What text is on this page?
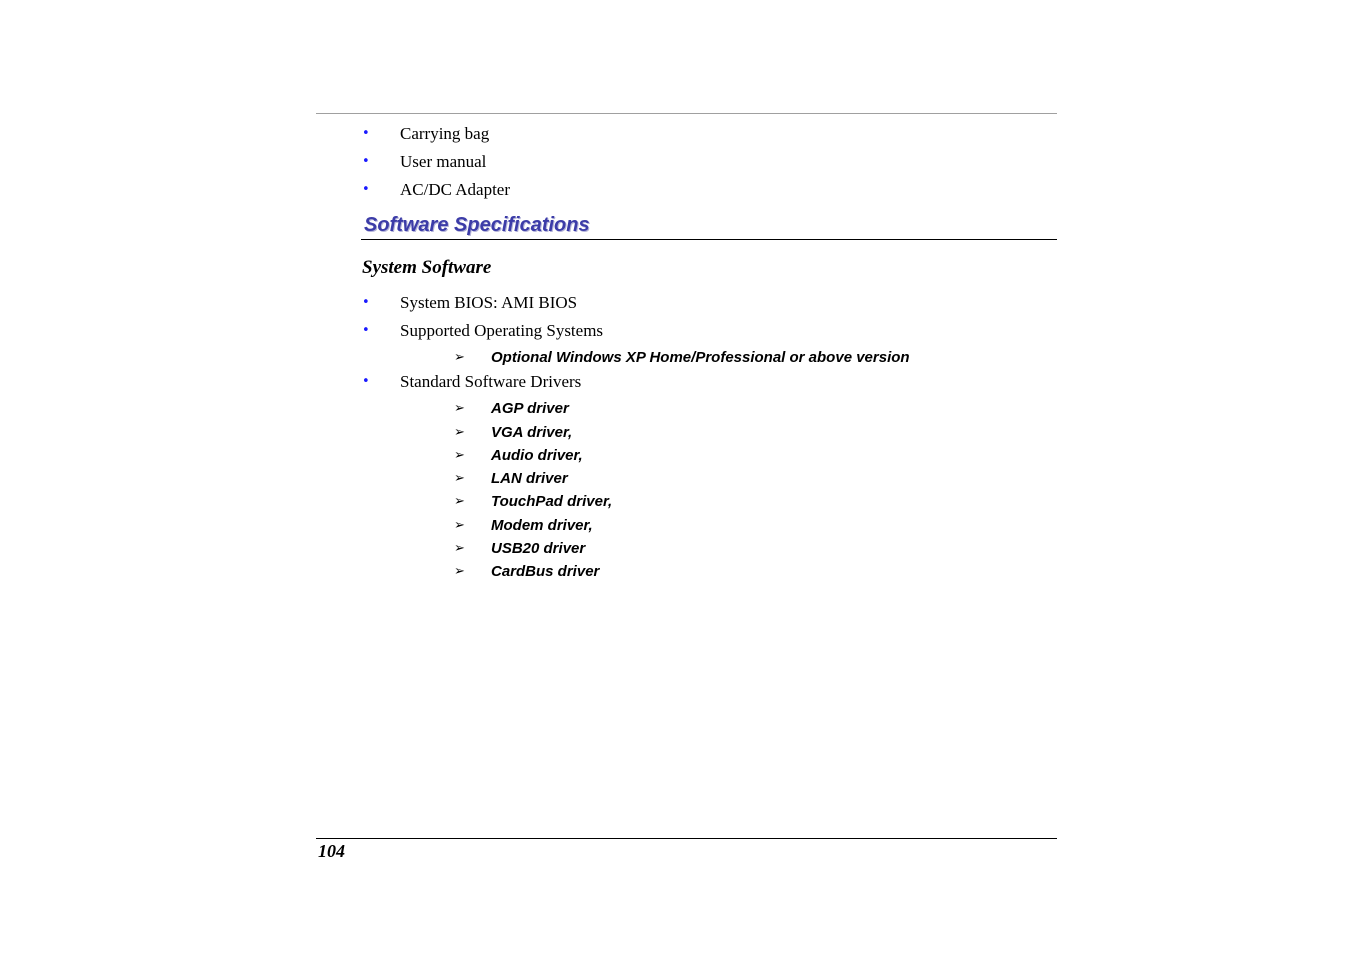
• Carrying bag
• User manual
• AC/DC Adapter
Software Specifications
System Software
• System BIOS: AMI BIOS
• Supported Operating Systems
➢ Optional Windows XP Home/Professional or above version
• Standard Software Drivers
➢ AGP driver
➢ VGA driver,
➢ Audio driver,
➢ LAN driver
➢ TouchPad driver,
➢ Modem driver,
➢ USB20 driver
➢ CardBus driver
104
